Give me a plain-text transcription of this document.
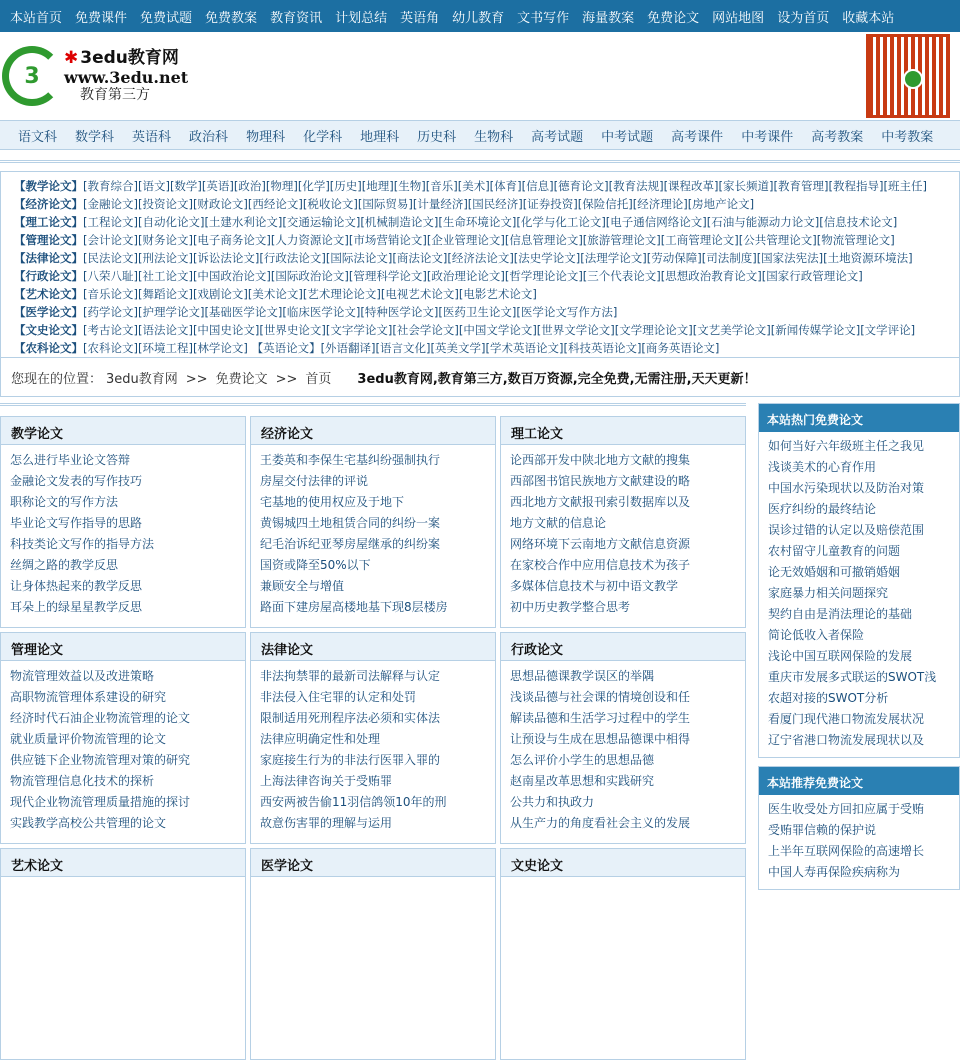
本站首页 免费课件 免费试题 免费教案 教育资讯 计划总结 英语角 幼儿教育 文书写作 海量教案 免费论文 网站地图 设为首页 收藏本站
3
✱ 3edu教育网
www.3edu.net
教育第三方
语文科 数学科 英语科 政治科 物理科 化学科 地理科 历史科 生物科 高考试题 中考试题 高考课件 中考课件 高考教案 中考教案
【教学论文】[教育综合][语文][数学][英语][政治][物理][化学][历史][地理][生物][音乐][美术][体育][信息][德育论文][教育法规][课程改革][家长频道][教育管理][教程指导][班主任]
【经济论文】[金融论文][投资论文][财政论文][西经论文][税收论文][国际贸易][计量经济][国民经济][证券投资][保险信托][经济理论][房地产论文]
【理工论文】[工程论文][自动化论文][土建水利论文][交通运输论文][机械制造论文][生命环境论文][化学与化工论文][电子通信网络论文][石油与能源动力论文][信息技术论文]
【管理论文】[会计论文][财务论文][电子商务论文][人力资源论文][市场营销论文][企业管理论文][信息管理论文][旅游管理论文][工商管理论文][公共管理论文][物流管理论文]
【法律论文】[民法论文][刑法论文][诉讼法论文][行政法论文][国际法论文][商法论文][经济法论文][法史学论文][法理学论文][劳动保障][司法制度][国家法宪法][土地资源环境法]
【行政论文】[八荣八耻][社工论文][中国政治论文][国际政治论文][管理科学论文][政治理论论文][哲学理论论文][三个代表论文][思想政治教育论文][国家行政管理论文]
【艺术论文】[音乐论文][舞蹈论文][戏剧论文][美术论文][艺术理论论文][电视艺术论文][电影艺术论文]
【医学论文】[药学论文][护理学论文][基础医学论文][临床医学论文][特种医学论文][医药卫生论文][医学论文写作方法]
【文史论文】[考古论文][语法论文][中国史论文][世界史论文][文字学论文][社会学论文][中国文学论文][世界文学论文][文学理论论文][文艺美学论文][新闻传媒学论文][文学评论]
【农科论文】[农科论文][环境工程][林学论文] 【英语论文】[外语翻译][语言文化][英美文学][学术英语论文][科技英语论文][商务英语论文]
您现在的位置： 3edu教育网 >> 免费论文 >> 首页	3edu教育网,教育第三方,数百万资源,完全免费,无需注册,天天更新！
教学论文
怎么进行毕业论文答辩
金融论文发表的写作技巧
职称论文的写作方法
毕业论文写作指导的思路
科技类论文写作的指导方法
丝绸之路的教学反思
让身体热起来的教学反思
耳朵上的绿星星教学反思
经济论文
王娄英和李保生宅基纠纷强制执行
房屋交付法律的评说
宅基地的使用权应及于地下
黄锡城四土地租赁合同的纠纷一案
纪毛治诉纪亚琴房屋继承的纠纷案
国资或降至50%以下
兼顾安全与增值
路面下建房屋高楼地基下现8层楼房
理工论文
论西部开发中陕北地方文献的搜集
西部图书馆民族地方文献建设的略
西北地方文献报刊索引数据库以及
地方文献的信息论
网络环境下云南地方文献信息资源
在家校合作中应用信息技术为孩子
多媒体信息技术与初中语文教学
初中历史教学整合思考
管理论文
物流管理效益以及改进策略
高职物流管理体系建设的研究
经济时代石油企业物流管理的论文
就业质量评价物流管理的论文
供应链下企业物流管理对策的研究
物流管理信息化技术的探析
现代企业物流管理质量措施的探讨
实践教学高校公共管理的论文
法律论文
非法拘禁罪的最新司法解释与认定
非法侵入住宅罪的认定和处罚
限制适用死刑程序法必须和实体法
法律应明确定性和处理
家庭接生行为的非法行医罪入罪的
上海法律咨询关于受贿罪
西安两被告偷11羽信鸽领10年的刑
故意伤害罪的理解与运用
行政论文
思想品德课教学误区的举隅
浅谈品德与社会课的情境创设和任
解读品德和生活学习过程中的学生
让预设与生成在思想品德课中相得
怎么评价小学生的思想品德
赵南星改革思想和实践研究
公共力和执政力
从生产力的角度看社会主义的发展
艺术论文	医学论文	文史论文
本站热门免费论文
如何当好六年级班主任之我见
浅谈美术的心育作用
中国水污染现状以及防治对策
医疗纠纷的最终结论
误诊过错的认定以及赔偿范围
农村留守儿童教育的问题
论无效婚姻和可撤销婚姻
家庭暴力相关问题探究
契约自由是消法理论的基础
简论低收入者保险
浅论中国互联网保险的发展
重庆市发展多式联运的SWOT浅
农超对接的SWOT分析
看厦门现代港口物流发展状况
辽宁省港口物流发展现状以及
本站推荐免费论文
医生收受处方回扣应属于受贿
受贿罪信赖的保护说
上半年互联网保险的高速增长
中国人寿再保险疾病称为
